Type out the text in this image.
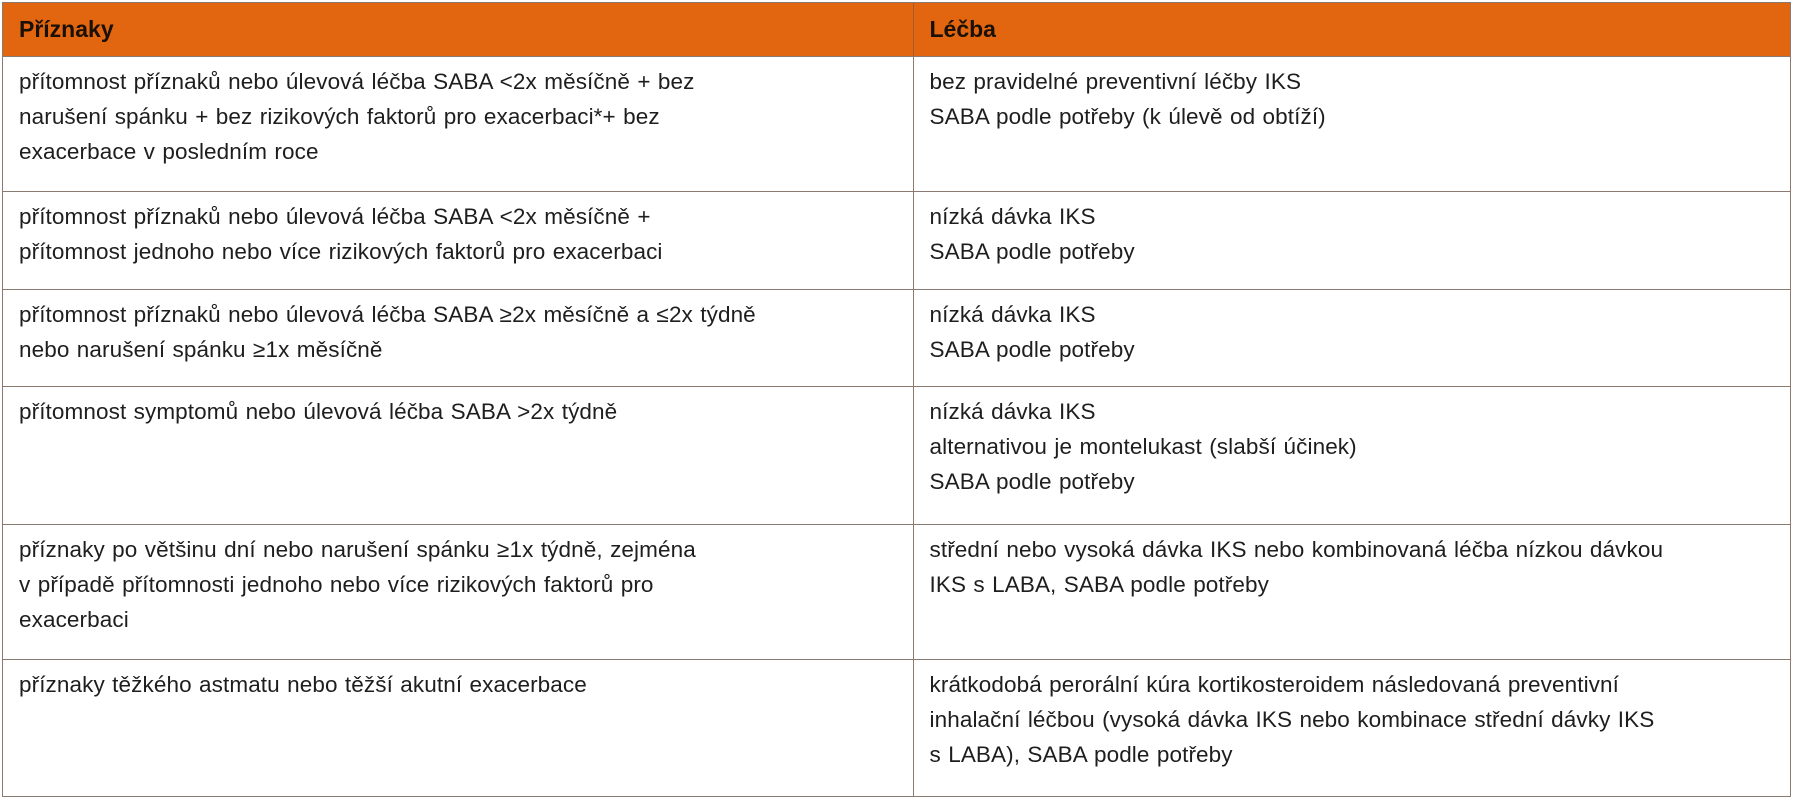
Příznaky	Léčba

přítomnost příznaků nebo úlevová léčba SABA <2x měsíčně + bez
narušení spánku + bez rizikových faktorů pro exacerbaci*+ bez
exacerbace v posledním roce	bez pravidelné preventivní léčby IKS
SABA podle potřeby (k úlevě od obtíží)

přítomnost příznaků nebo úlevová léčba SABA <2x měsíčně +
přítomnost jednoho nebo více rizikových faktorů pro exacerbaci	nízká dávka IKS
SABA podle potřeby

přítomnost příznaků nebo úlevová léčba SABA ≥2x měsíčně a ≤2x týdně
nebo narušení spánku ≥1x měsíčně	nízká dávka IKS
SABA podle potřeby

přítomnost symptomů nebo úlevová léčba SABA >2x týdně	nízká dávka IKS
alternativou je montelukast (slabší účinek)
SABA podle potřeby

příznaky po většinu dní nebo narušení spánku ≥1x týdně, zejména
v případě přítomnosti jednoho nebo více rizikových faktorů pro
exacerbaci	střední nebo vysoká dávka IKS nebo kombinovaná léčba nízkou dávkou
IKS s LABA, SABA podle potřeby

příznaky těžkého astmatu nebo těžší akutní exacerbace	krátkodobá perorální kúra kortikosteroidem následovaná preventivní
inhalační léčbou (vysoká dávka IKS nebo kombinace střední dávky IKS
s LABA), SABA podle potřeby
